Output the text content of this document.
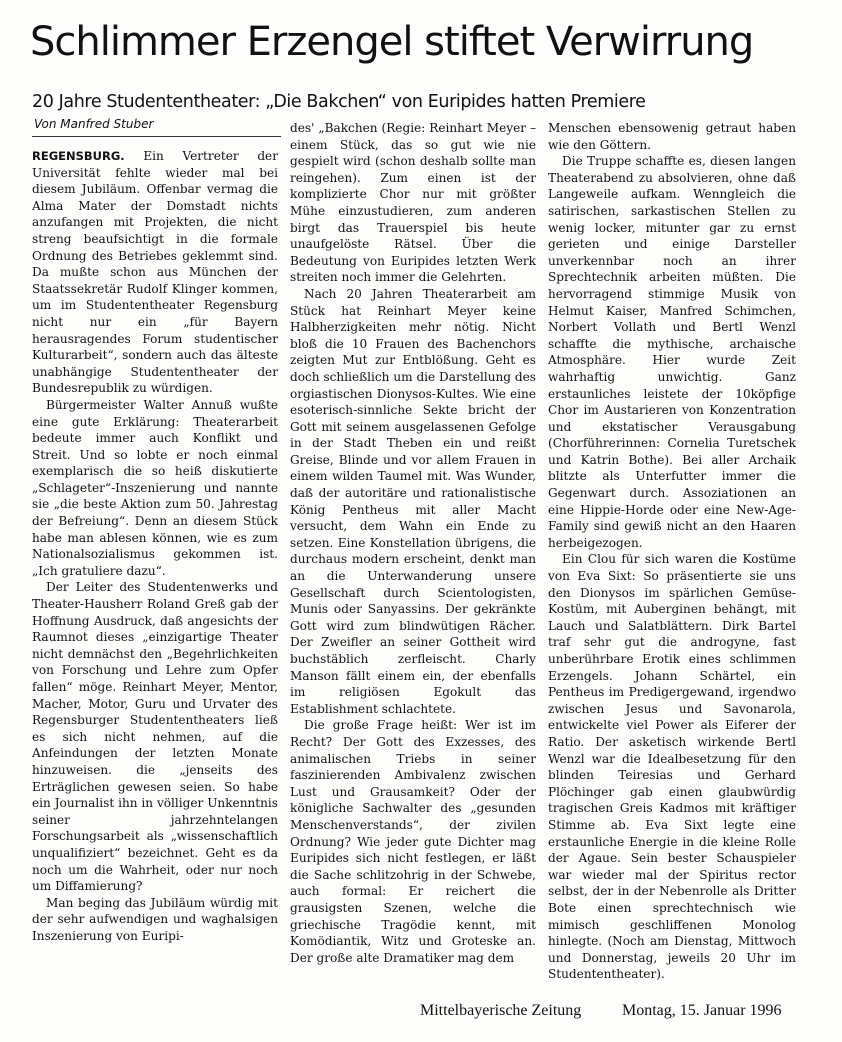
Schlimmer Erzengel stiftet Verwirrung
20 Jahre Studententheater: „Die Bakchen“ von Euripides hatten Premiere
Von Manfred Stuber

REGENSBURG. Ein Vertreter der Universität fehlte wieder mal bei diesem Jubiläum. Offenbar vermag die Alma Mater der Domstadt nichts anzufangen mit Projekten, die nicht streng beaufsichtigt in die formale Ordnung des Betriebes geklemmt sind. Da mußte schon aus München der Staatssekretär Rudolf Klinger kommen, um im Studententheater Regensburg nicht nur ein „für Bayern herausragendes Forum studentischer Kulturarbeit“, sondern auch das älteste unabhängige Studententheater der Bundesrepublik zu würdigen.

Bürgermeister Walter Annuß wußte eine gute Erklärung: Theaterarbeit bedeute immer auch Konflikt und Streit. Und so lobte er noch einmal exemplarisch die so heiß diskutierte „Schlageter“-Inszenierung und nannte sie „die beste Aktion zum 50. Jahrestag der Befreiung“. Denn an diesem Stück habe man ablesen können, wie es zum Nationalsozialismus gekommen ist. „Ich gratuliere dazu“.

Der Leiter des Studentenwerks und Theater-Hausherr Roland Greß gab der Hoffnung Ausdruck, daß angesichts der Raumnot dieses „einzigartige Theater nicht demnächst den „Begehrlichkeiten von Forschung und Lehre zum Opfer fallen“ möge. Reinhart Meyer, Mentor, Macher, Motor, Guru und Urvater des Regensburger Studententheaters ließ es sich nicht nehmen, auf die Anfeindungen der letzten Monate hinzuweisen. die „jenseits des Erträglichen gewesen seien. So habe ein Journalist ihn in völliger Unkenntnis seiner jahrzehntelangen Forschungsarbeit als „wissenschaftlich unqualifiziert“ bezeichnet. Geht es da noch um die Wahrheit, oder nur noch um Diffamierung?

Man beging das Jubiläum würdig mit der sehr aufwendigen und waghalsigen Inszenierung von Euripi-

des' „Bakchen (Regie: Reinhart Meyer – einem Stück, das so gut wie nie gespielt wird (schon deshalb sollte man reingehen). Zum einen ist der komplizierte Chor nur mit größter Mühe einzustudieren, zum anderen birgt das Trauerspiel bis heute unaufgelöste Rätsel. Über die Bedeutung von Euripides letzten Werk streiten noch immer die Gelehrten.

Nach 20 Jahren Theaterarbeit am Stück hat Reinhart Meyer keine Halbherzigkeiten mehr nötig. Nicht bloß die 10 Frauen des Bachenchors zeigten Mut zur Entblößung. Geht es doch schließlich um die Darstellung des orgiastischen Dionysos-Kultes. Wie eine esoterisch-sinnliche Sekte bricht der Gott mit seinem ausgelassenen Gefolge in der Stadt Theben ein und reißt Greise, Blinde und vor allem Frauen in einem wilden Taumel mit. Was Wunder, daß der autoritäre und rationalistische König Pentheus mit aller Macht versucht, dem Wahn ein Ende zu setzen. Eine Konstellation übrigens, die durchaus modern erscheint, denkt man an die Unterwanderung unsere Gesellschaft durch Scientologisten, Munis oder Sanyassins. Der gekränkte Gott wird zum blindwütigen Rächer. Der Zweifler an seiner Gottheit wird buchstäblich zerfleischt. Charly Manson fällt einem ein, der ebenfalls im religiösen Egokult das Establishment schlachtete.

Die große Frage heißt: Wer ist im Recht? Der Gott des Exzesses, des animalischen Triebs in seiner faszinierenden Ambivalenz zwischen Lust und Grausamkeit? Oder der königliche Sachwalter des „gesunden Menschenverstands“, der zivilen Ordnung? Wie jeder gute Dichter mag Euripides sich nicht festlegen, er läßt die Sache schlitzohrig in der Schwebe, auch formal: Er reichert die grausigsten Szenen, welche die griechische Tragödie kennt, mit Komödiantik, Witz und Groteske an. Der große alte Dramatiker mag dem

Menschen ebensowenig getraut haben wie den Göttern.

Die Truppe schaffte es, diesen langen Theaterabend zu absolvieren, ohne daß Langeweile aufkam. Wenngleich die satirischen, sarkastischen Stellen zu wenig locker, mitunter gar zu ernst gerieten und einige Darsteller unverkennbar noch an ihrer Sprechtechnik arbeiten müßten. Die hervorragend stimmige Musik von Helmut Kaiser, Manfred Schimchen, Norbert Vollath und Bertl Wenzl schaffte die mythische, archaische Atmosphäre. Hier wurde Zeit wahrhaftig unwichtig. Ganz erstaunliches leistete der 10köpfige Chor im Austarieren von Konzentration und ekstatischer Verausgabung (Chorführerinnen: Cornelia Turetschek und Katrin Bothe). Bei aller Archaik blitzte als Unterfutter immer die Gegenwart durch. Assoziationen an eine Hippie-Horde oder eine New-Age-Family sind gewiß nicht an den Haaren herbeigezogen.

Ein Clou für sich waren die Kostüme von Eva Sixt: So präsentierte sie uns den Dionysos im spärlichen Gemüse-Kostüm, mit Auberginen behängt, mit Lauch und Salatblättern. Dirk Bartel traf sehr gut die androgyne, fast unberührbare Erotik eines schlimmen Erzengels. Johann Schärtel, ein Pentheus im Predigergewand, irgendwo zwischen Jesus und Savonarola, entwickelte viel Power als Eiferer der Ratio. Der asketisch wirkende Bertl Wenzl war die Idealbesetzung für den blinden Teiresias und Gerhard Plöchinger gab einen glaubwürdig tragischen Greis Kadmos mit kräftiger Stimme ab. Eva Sixt legte eine erstaunliche Energie in die kleine Rolle der Agaue. Sein bester Schauspieler war wieder mal der Spiritus rector selbst, der in der Nebenrolle als Dritter Bote einen sprechtechnisch wie mimisch geschliffenen Monolog hinlegte. (Noch am Dienstag, Mittwoch und Donnerstag, jeweils 20 Uhr im Studententheater).

Mittelbayerische Zeitung	Montag, 15. Januar 1996
